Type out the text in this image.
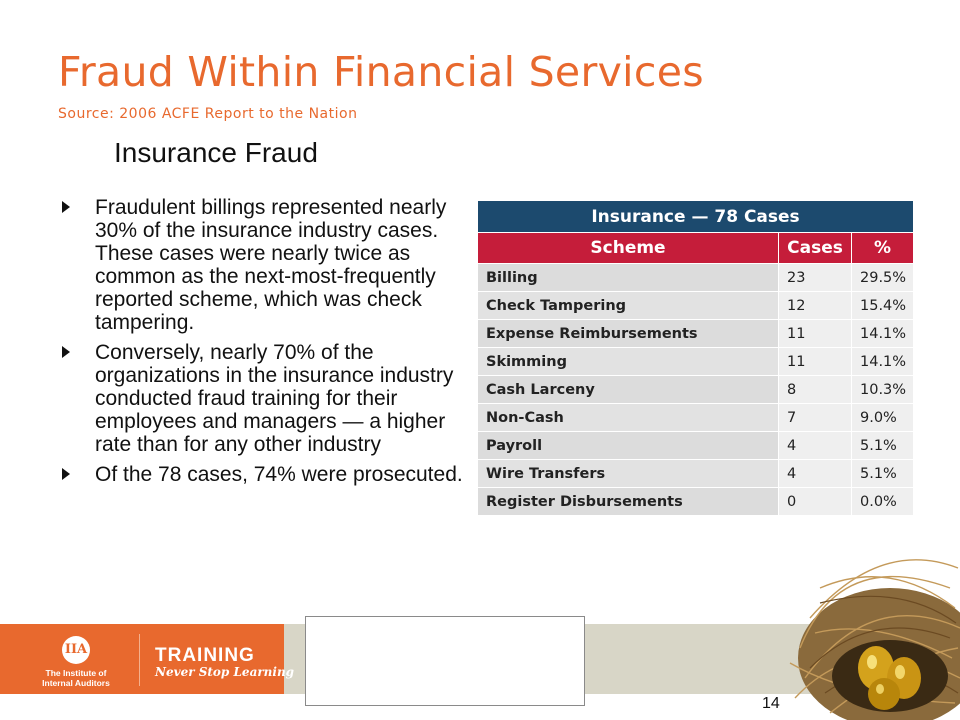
Fraud Within Financial Services
Source: 2006 ACFE Report to the Nation
Insurance Fraud
Fraudulent billings represented nearly 30% of the insurance industry cases. These cases were nearly twice as common as the next-most-frequently reported scheme, which was check tampering.
Conversely, nearly 70% of the organizations in the insurance industry conducted fraud training for their employees and managers — a higher rate than for any other industry
Of the 78 cases, 74% were prosecuted.
Insurance — 78 Cases		
Scheme	Cases	%
Billing	23	29.5%
Check Tampering	12	15.4%
Expense Reimbursements	11	14.1%
Skimming	11	14.1%
Cash Larceny	8	10.3%
Non-Cash	7	9.0%
Payroll	4	5.1%
Wire Transfers	4	5.1%
Register Disbursements	0	0.0%
IIA
The Institute of
Internal Auditors
TRAINING
Never Stop Learning
14
